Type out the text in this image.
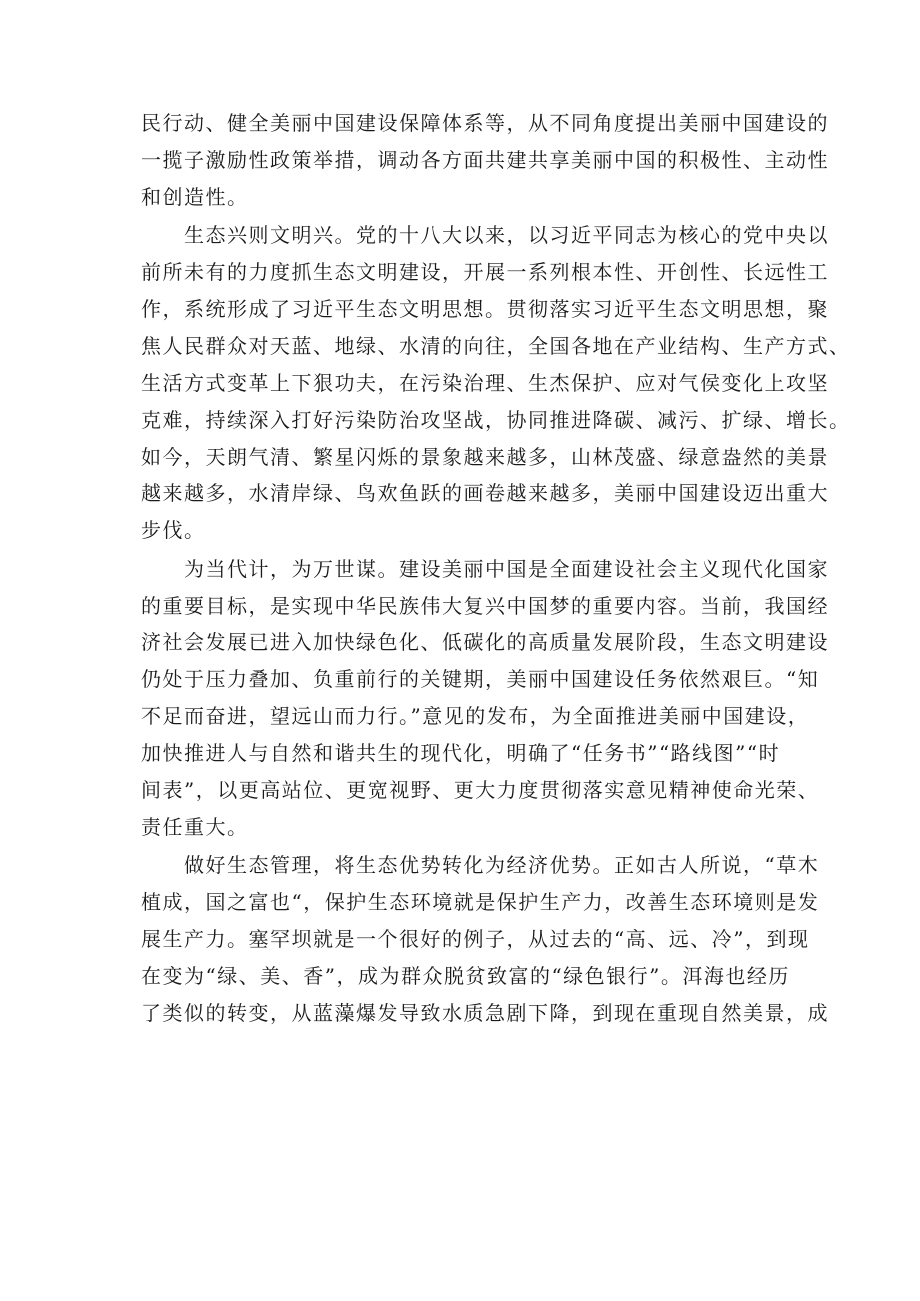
民行动、健全美丽中国建设保障体系等，从不同角度提出美丽中国建设的
一揽子激励性政策举措，调动各方面共建共享美丽中国的积极性、主动性
和创造性。
　　生态兴则文明兴。党的十八大以来，以习近平同志为核心的党中央以
前所未有的力度抓生态文明建设，开展一系列根本性、开创性、长远性工
作，系统形成了习近平生态文明思想。贯彻落实习近平生态文明思想，聚
焦人民群众对天蓝、地绿、水清的向往，全国各地在产业结构、生产方式、
生活方式变革上下狠功夫，在污染治理、生杰保护、应对气侯变化上攻坚
克难，持续深入打好污染防治攻坚战，协同推进降碳、减污、扩绿、增长。
如今，天朗气清、繁星闪烁的景象越来越多，山林茂盛、绿意盎然的美景
越来越多，水清岸绿、鸟欢鱼跃的画卷越来越多，美丽中国建设迈出重大
步伐。
　　为当代计，为万世谋。建设美丽中国是全面建设社会主义现代化国家
的重要目标，是实现中华民族伟大复兴中国梦的重要内容。当前，我国经
济社会发展已进入加快绿色化、低碳化的高质量发展阶段，生态文明建设
仍处于压力叠加、负重前行的关键期，美丽中国建设任务依然艰巨。“知
不足而奋进，望远山而力行。”意见的发布，为全面推进美丽中国建设，
加快推进人与自然和谐共生的现代化，明确了“任务书”“路线图”“时
间表”，以更高站位、更宽视野、更大力度贯彻落实意见精神使命光荣、
责任重大。
　　做好生态管理，将生态优势转化为经济优势。正如古人所说，“草木
植成，国之富也“，保护生态环境就是保护生产力，改善生态环境则是发
展生产力。塞罕坝就是一个很好的例子，从过去的“高、远、冷”，到现
在变为“绿、美、香”，成为群众脱贫致富的“绿色银行”。洱海也经历
了类似的转变，从蓝藻爆发导致水质急剧下降，到现在重现自然美景，成
